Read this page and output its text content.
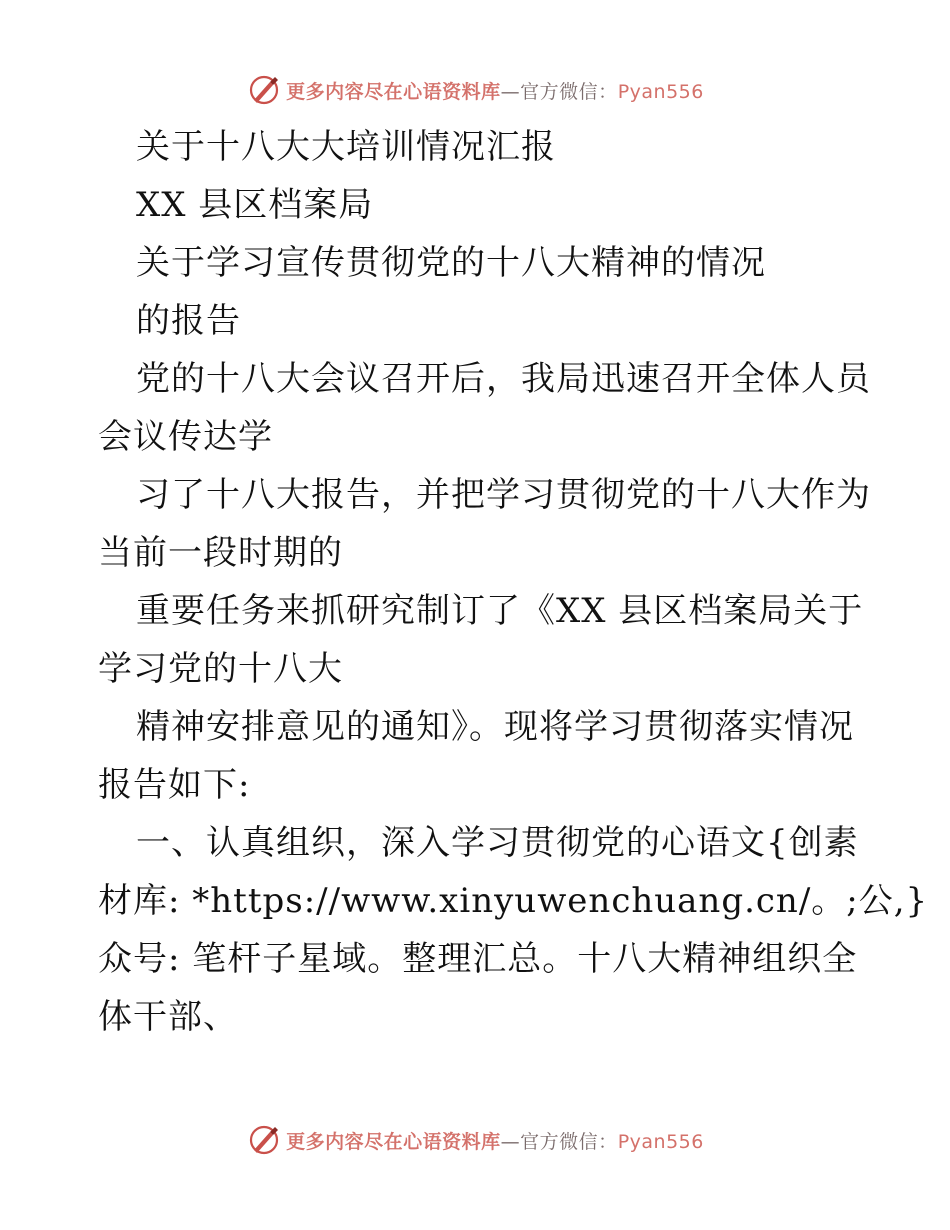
更多内容尽在心语资料库—官方微信：Pyan556
关于十八大大培训情况汇报
XX 县区档案局
关于学习宣传贯彻党的十八大精神的情况
的报告
党的十八大会议召开后，我局迅速召开全体人员
会议传达学
习了十八大报告，并把学习贯彻党的十八大作为
当前一段时期的
重要任务来抓研究制订了《XX 县区档案局关于
学习党的十八大
精神安排意见的通知》。现将学习贯彻落实情况
报告如下:
一、认真组织，深入学习贯彻党的心语文{创素
材库: *https://www.xinyuwenchuang.cn/。;公,}
众号: 笔杆子星域。整理汇总。十八大精神组织全
体干部、
更多内容尽在心语资料库—官方微信：Pyan556
